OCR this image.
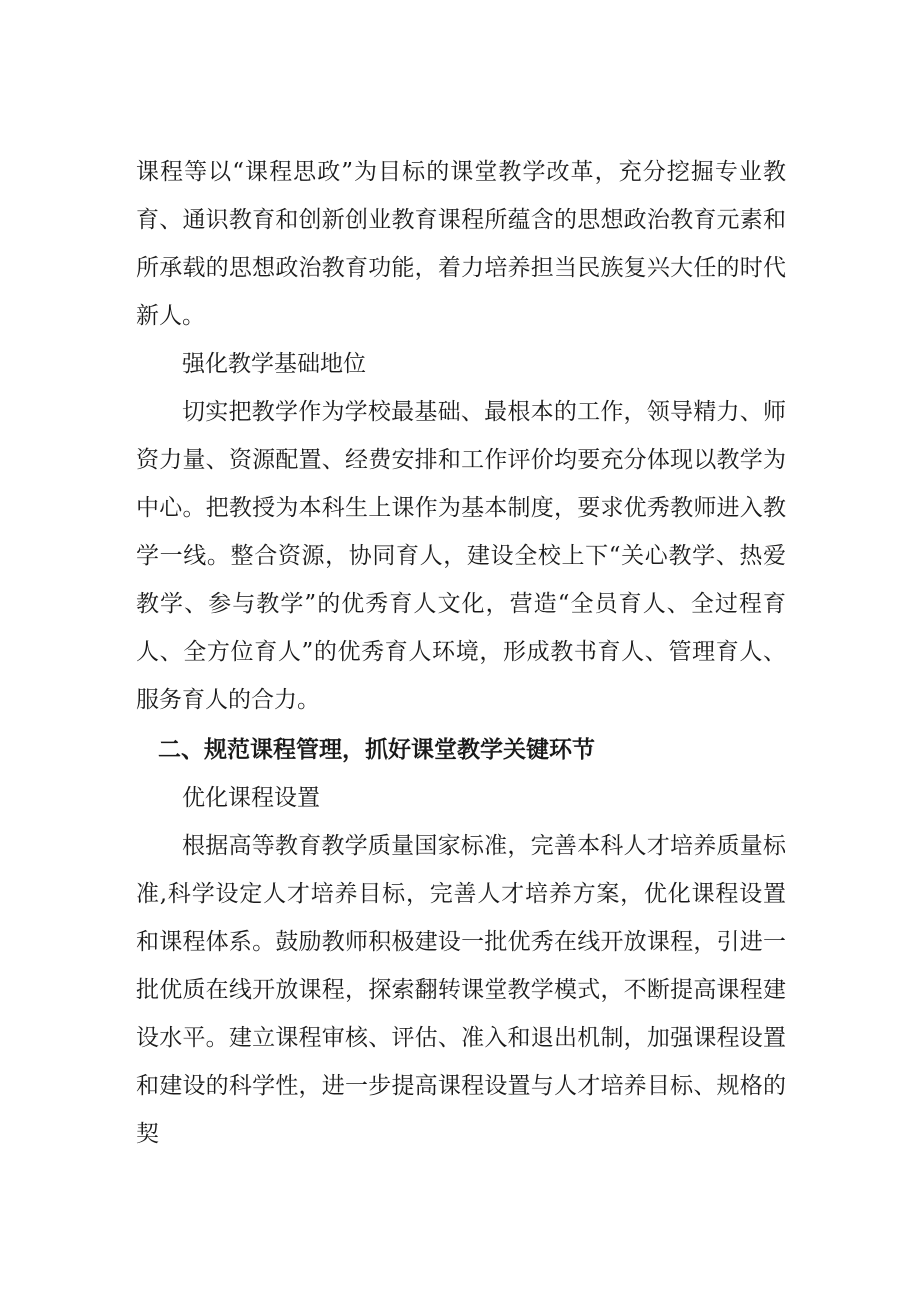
课程等以“课程思政”为目标的课堂教学改革，充分挖掘专业教育、通识教育和创新创业教育课程所蕴含的思想政治教育元素和所承载的思想政治教育功能，着力培养担当民族复兴大任的时代新人。

强化教学基础地位

切实把教学作为学校最基础、最根本的工作，领导精力、师资力量、资源配置、经费安排和工作评价均要充分体现以教学为中心。把教授为本科生上课作为基本制度，要求优秀教师进入教学一线。整合资源，协同育人，建设全校上下“关心教学、热爱教学、参与教学”的优秀育人文化，营造“全员育人、全过程育人、全方位育人”的优秀育人环境，形成教书育人、管理育人、服务育人的合力。

二、规范课程管理，抓好课堂教学关键环节

优化课程设置

根据高等教育教学质量国家标准，完善本科人才培养质量标准,科学设定人才培养目标，完善人才培养方案，优化课程设置和课程体系。鼓励教师积极建设一批优秀在线开放课程，引进一批优质在线开放课程，探索翻转课堂教学模式，不断提高课程建设水平。建立课程审核、评估、准入和退出机制，加强课程设置和建设的科学性，进一步提高课程设置与人才培养目标、规格的契
